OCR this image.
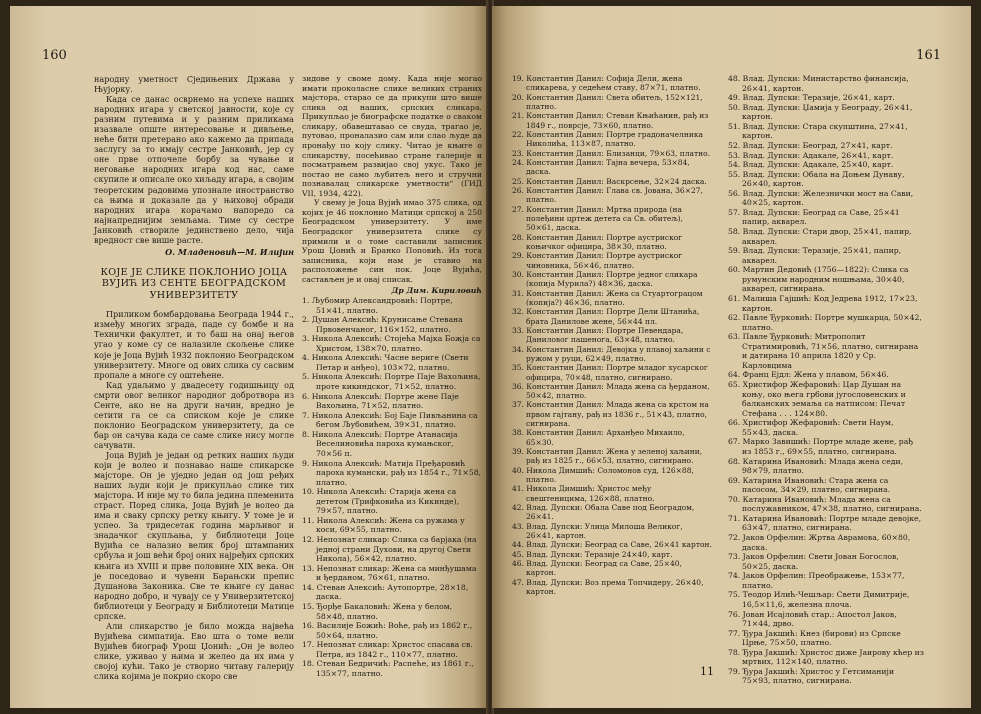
160

народну уметност Сједињених Држава у Њујорку.

Када се данас осврнемо на успехе наших народних игара у светској јавности, које су разним путевима и у разним приликама изазвале опште интересовање и дивљење, неће бити претерано ако кажемо да припада заслугу за то имају сестре Јанковић, јер су оне прве отпочеле борбу за чување и неговање народних игара код нас, саме скупиле и описале око хиљаду игара, а својим теоретским радовима упознале иностранство са њима и доказале да у њиховој обради народних игара корачамо напоредо са најнапреднијим земљама. Тиме су сестре Јанковић створиле јединствено дело, чија вредност све више расте.

О. Младеновић—М. Илијин

КОЈЕ ЈЕ СЛИКЕ ПОКЛОНИО ЈОЦА ВУЈИЋ ИЗ СЕНТЕ БЕОГРАДСКОМ УНИВЕРЗИТЕТУ

Приликом бомбардовања Београда 1944 г., између многих зграда, паде су бомбе и на Технички факултет, и то баш на онај његов угао у коме су се налазиле скољење слике које је Јоца Вујић 1932 поклонио Београдском универзитету. Многе од ових слика су сасвим пропале а многе су оштећене.

Кад удаљимо у двадесету годишњицу од смрти овог великог народног добротвора из Сенте, ако не на други начин, вредно је сетити га се са списком које је слике поклонио Београдском универзитету, да се бар он сачува када се саме слике нису могле сачувати.

Јоца Вујић је један од ретких наших људи који је волео и познавао наше сликарске мајсторе. Он је уједно један од још ређих наших људи који је прикупљао слике тих мајстора. И није му то била једина племенита страст. Поред слика, Јоца Вујић је волео да има и сваку српску ретку књигу. У томе је и успео. За тридесетак година марљивог и знадачког скупљања, у библиотеци Јоце Вујића се налазио велик број штампаних србуља и још већи број оних најређих српских књига из XVIII и прве половине XIX века. Он је поседовао и чувени Барањски препис Душанова Законика. Све те књиге су данас народно добро, и чувају се у Универзитетској библиотеци у Београду и Библиотеци Матице српске.

Али сликарство је било можда највећа Вујићева симпатија. Ево шта о томе вели Вујићев биограф Урош Џонић: „Он је волео слике, уживао у њима и желео да их има у својој кући. Тако је створио читаву галерију слика којима је покрио скоро све

зидове у своме дому. Када није могао имати проколасне слике великих страних мајстора, старао се да прикупи што више слика од наших, српских сликара. Прикупљао је биографске податке о сваком сликару, обавештавао се свуда, трагао је, путовао, проналазио сам или слао људе да пронађу по коју слику. Читао је књиге о сликарству, посећивао стране галерије и посматрањем развијао свој укус. Тако је постао не само љубитељ него и стручни познавалац сликарске уметности“ (ГИД VII, 1934, 422).

У свему је Јоца Вујић имао 375 слика, од којих је 46 поклонио Матици српској а 250 Београдском универзитету. У име Београдског универзитета слике су примили и о томе саставили записник Урош Џонић и Бранко Поповић. Из тога записника, који нам је ставио на расположење син пок. Јоце Вујића, састављен је и овај списак.

Др Дим. Кириловић

1. Љубомир Александровић: Портре, 51×41, платно.

2. Душан Алексић: Крунисање Стевана Првовенчаног, 116×152, платно.

3. Никола Алексић: Стојећа Мајка Божја са Христом, 138×70, платно.

4. Никола Алексић: Часне вериге (Свети Петар и анђео), 103×72, платно.

5. Никола Алексић: Портре Паје Вахољина, проте кикиндског, 71×52, платно.

6. Никола Алексић: Портре жене Паје Вахољина, 71×52, платно.

7. Никола Алексић: Бој Баје Пивљанина са бегом Љубовићем, 39×31, платно.

8. Никола Алексић: Портре Атанасија Веселиновића пароха кумањског, 70×56 п.

9. Никола Алексић: Матија Пређаровић пароха кумански, рађ из 1854 г., 71×58, платно.

10. Никола Алексић: Старија жена са дететом (Трифковића из Кикинде), 79×57, платно.

11. Никола Алексић: Жена са ружама у коси, 69×55, платно.

12. Непознат сликар: Слика са барјака (на једној страни Духови, на другој Свети Никола), 56×42, платно.

13. Непознат сликар: Жена са минђушама и ђерданом, 76×61, платно.

14. Стеван Алексић: Аутопортре, 28×18, даска.

15. Ђорђе Бакаловић: Жена у белом, 58×48, платно.

16. Василије Божић: Воће, рађ из 1862 г., 50×64, платно.

17. Непознат сликар: Христос спасава св. Петра, из 1842 г., 110×77, платно.

18. Стеван Бедричић: Распеће, из 1861 г., 135×77, платно.

161

19. Константин Данил: Софија Дели, жена сликарева, у седећем ставу, 87×71, платно.

20. Константин Данил: Света обитељ, 152×121, платно.

21. Константин Данил: Стеван Књићанин, рађ из 1849 г., поврсје, 73×60, платно.

22. Константин Данил: Портре градоначелника Николића, 113×87, платно.

23. Константин Данил: Близанци, 79×63, платно.

24. Константин Данил: Тајна вечера, 53×84, даска.

25. Константин Данил: Васкрсење, 32×24 даска.

26. Константин Данил: Глава св. Јована, 36×27, платно.

27. Константин Данил: Мртва природа (на полеђини цртеж детета са Св. обитељ), 50×61, даска.

28. Константин Данил: Портре аустриског коњичког официра, 38×30, платно.

29. Константин Данил: Портре аустриског чиновника, 56×46, платно.

30. Константин Данил: Портре једног сликара (копија Мурила?) 48×36, даска.

31. Константин Данил: Жена са Стуартограцом (копија?) 46×36, платно.

32. Константин Данил: Портре Дели Штанића, брата Данилове жене, 56×44 пл.

33. Константин Данил: Портре Певендара, Даниловог пашенога, 63×48, платно.

34. Константин Данил: Девојка у плавој хаљини с ружом у руци, 62×49, платно.

35. Константин Данил: Портре младог хусарског официра, 70×48, платно, сигнирано.

36. Константин Данил: Млада жена са ђерданом, 50×42, платно.

37. Константин Данил: Млада жена са крстом на првом гајтану, рађ из 1836 г., 51×43, платно, сигнирана.

38. Константин Данил: Арханђео Михаило, 65×30.

39. Константин Данил: Жена у зеленој хаљини, рађ из 1825 г., 66×53, платно, сигнирано.

40. Никола Димшић: Соломонов суд, 126×88, платно.

41. Никола Димшић: Христос међу свештеницима, 126×88, платно.

42. Влад. Дупски: Обала Саве под Београдом, 26×41.

43. Влад. Дупски: Улица Милоша Великог, 26×41, картон.

44. Влад. Дупски: Београд са Саве, 26×41 картон.

45. Влад. Дупски: Теразије 24×40, карт.

46. Влад. Дупски: Београд са Саве, 25×40, картон.

47. Влад. Дупски: Воз према Топчидеру, 26×40, картон.

48. Влад. Дупски: Министарство финансија, 26×41, картон.

49. Влад. Дупски: Теразије, 26×41, карт.

50. Влад. Дупски: Џамија у Београду, 26×41, картон.

51. Влад. Дупски: Стара скупштина, 27×41, картон.

52. Влад. Дупски: Београд, 27×41, карт.

53. Влад. Дупски: Адакале, 26×41, карт.

54. Влад. Дупски: Адакале, 25×40, карт.

55. Влад. Дупски: Обала на Доњем Дунаву, 26×40, картон.

56. Влад. Дупски: Железнички мост на Сави, 40×25, картон.

57. Влад. Дупски: Београд са Саве, 25×41 папир, акварел.

58. Влад. Дупски: Стари двор, 25×41, папир, акварел.

59. Влад. Дупски: Теразије, 25×41, папир, акварел.

60. Мартин Дедовић (1756—1822): Слика са румунским народним ношњама, 30×40, акварел, сигнирана.

61. Малиша Гајшић: Код Једрева 1912, 17×23, картон.

62. Павле Ђурковић: Портре мушкарца, 50×42, платно.

63. Павле Ђурковић: Митрополит Стратимировић, 71×56, платно, сигнирана и датирана 10 априла 1820 у Ср. Карловцима

64. Франц Ејдл: Жена у плавом, 56×46.

65. Христифор Жефаровић: Цар Душан на коњу, око њега грбови југословенских и балканских земаља са натписом: Печат Стефана . . . 124×80.

66. Христифор Жефаровић: Свети Наум, 55×43, даска.

67. Марко Завишић: Портре младе жене, рађ из 1853 г., 69×55, платно, сигнирана.

68. Катарина Ивановић: Млада жена седи, 98×79, платно.

69. Катарина Ивановић: Стара жена са пасосом, 34×29, платно, сигнирана.

70. Катарина Ивановић: Млада жена са послужавником, 47×38, платно, сигнирана.

71. Катарина Ивановић: Портре младе девојке, 63×47, платно, сигнирана.

72. Јаков Орфелин: Жртва Аврамова, 60×80, даска.

73. Јаков Орфелин: Свети Јован Богослов, 50×25, даска.

74. Јаков Орфелин: Преображење, 153×77, платно.

75. Теодор Илић-Чешљар: Свети Димитрије, 16,5×11,6, железна плоча.

76. Јован Исајловић стар.: Апостол Јаков, 71×44, дрво.

77. Ђура Јакшић: Кнез (бирови) из Српске Црње, 75×50, платно.

78. Ђура Јакшић: Христос диже Јаирову кћер из мртвих, 112×140, платно.

79. Ђура Јакшић: Христос у Гетсиманији 75×93, платно, сигнирана.

11
